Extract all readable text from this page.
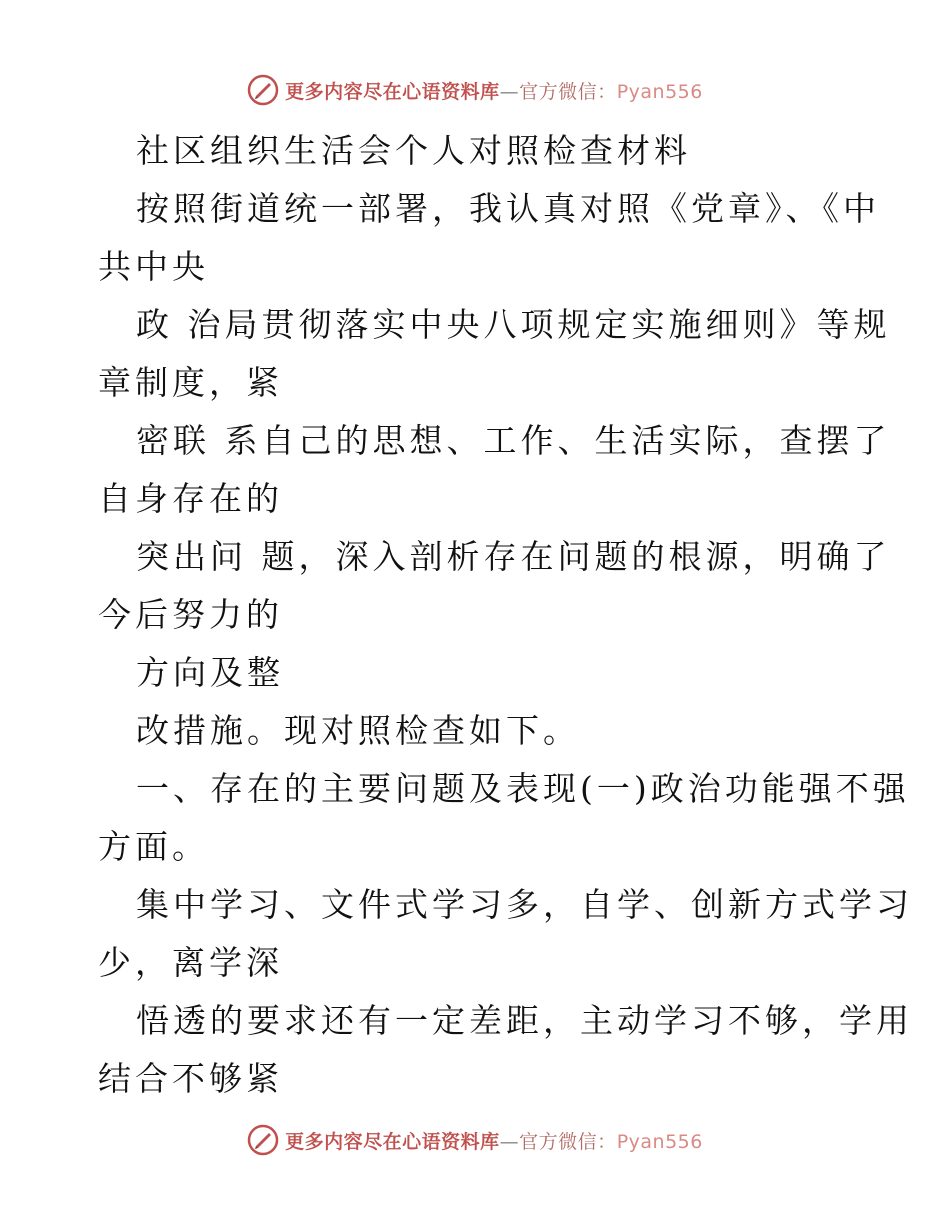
更多内容尽在心语资料库—官方微信：Pyan556
社区组织生活会个人对照检查材料
按照街道统一部署，我认真对照《党章》、《中
共中央
政 治局贯彻落实中央八项规定实施细则》等规
章制度，紧
密联 系自己的思想、工作、生活实际，查摆了
自身存在的
突出问 题，深入剖析存在问题的根源，明确了
今后努力的
方向及整
改措施。现对照检查如下。
一、存在的主要问题及表现(一)政治功能强不强
方面。
集中学习、文件式学习多，自学、创新方式学习
少，离学深
悟透的要求还有一定差距，主动学习不够，学用
结合不够紧
更多内容尽在心语资料库—官方微信：Pyan556
